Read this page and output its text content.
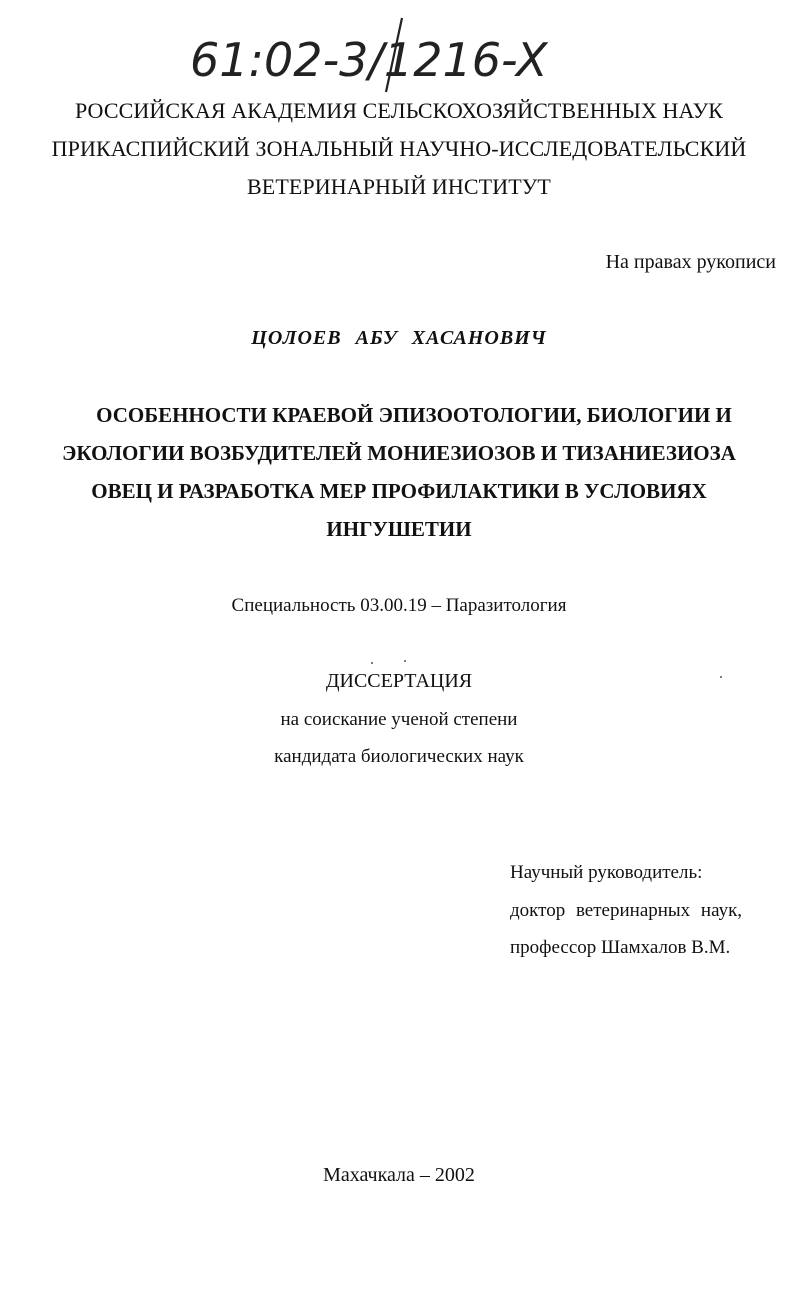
61:02-3/1216-X
РОССИЙСКАЯ АКАДЕМИЯ СЕЛЬСКОХОЗЯЙСТВЕННЫХ НАУК
ПРИКАСПИЙСКИЙ ЗОНАЛЬНЫЙ НАУЧНО-ИССЛЕДОВАТЕЛЬСКИЙ
ВЕТЕРИНАРНЫЙ ИНСТИТУТ
На правах рукописи
ЦОЛОЕВ АБУ ХАСАНОВИЧ
ОСОБЕННОСТИ КРАЕВОЙ ЭПИЗООТОЛОГИИ, БИОЛОГИИ И
ЭКОЛОГИИ ВОЗБУДИТЕЛЕЙ МОНИЕЗИОЗОВ И ТИЗАНИЕЗИОЗА
ОВЕЦ И РАЗРАБОТКА МЕР ПРОФИЛАКТИКИ В УСЛОВИЯХ
ИНГУШЕТИИ
Специальность 03.00.19 – Паразитология
ДИССЕРТАЦИЯ
на соискание ученой степени
кандидата биологических наук
Научный руководитель:
доктор ветеринарных наук,
профессор Шамхалов В.М.
Махачкала – 2002
